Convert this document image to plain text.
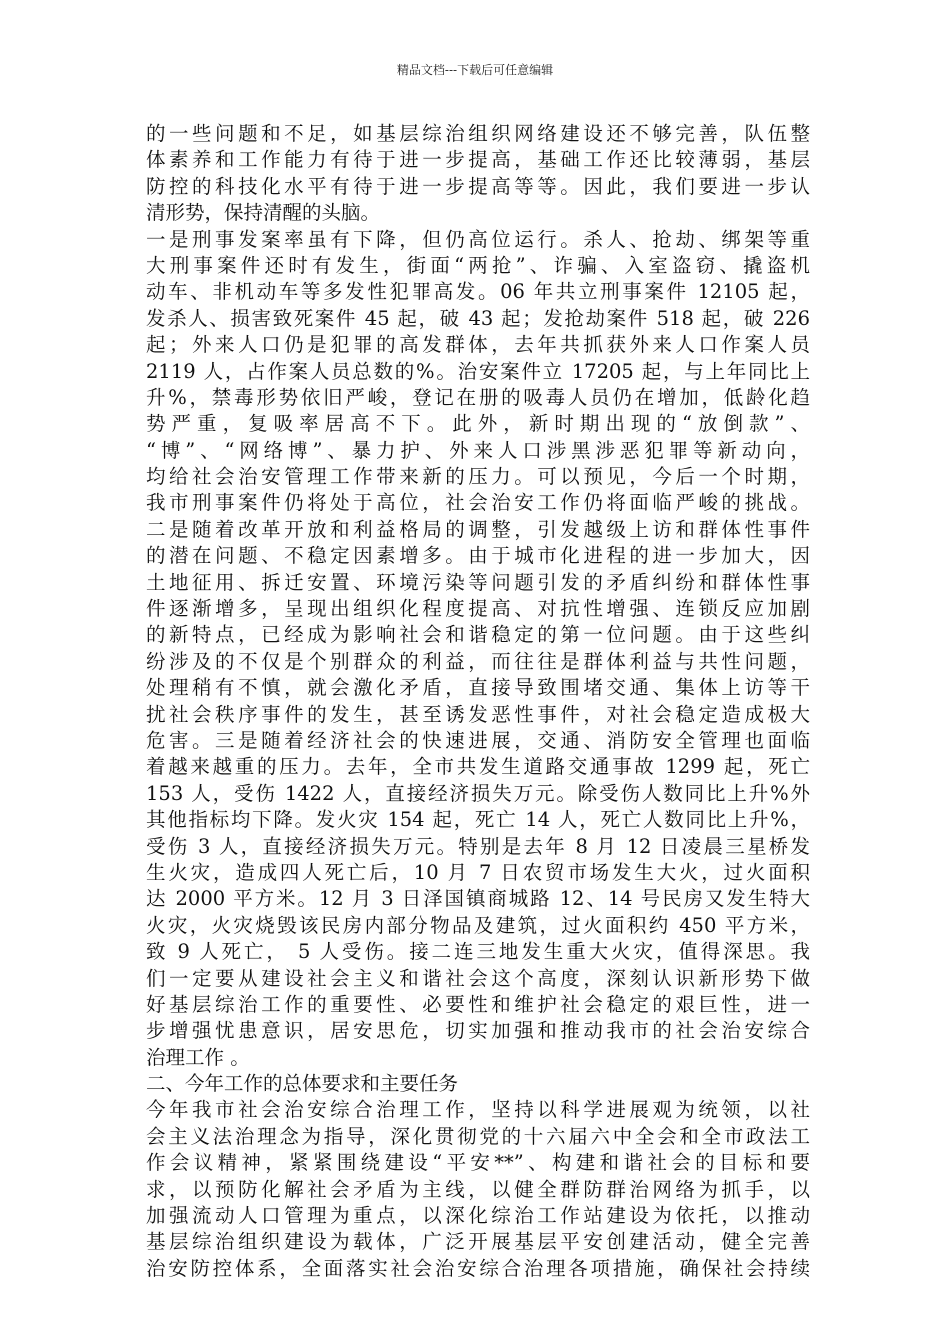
精品文档---下载后可任意编辑
的一些问题和不足，如基层综治组织网络建设还不够完善，队伍整
体素养和工作能力有待于进一步提高，基础工作还比较薄弱，基层
防控的科技化水平有待于进一步提高等等。因此，我们要进一步认
清形势，保持清醒的头脑。
一是刑事发案率虽有下降，但仍高位运行。杀人、抢劫、绑架等重
大刑事案件还时有发生，街面“两抢”、诈骗、入室盗窃、撬盗机
动车、非机动车等多发性犯罪高发。06 年共立刑事案件 12105 起，
发杀人、损害致死案件 45 起，破 43 起；发抢劫案件 518 起，破 226
起；外来人口仍是犯罪的高发群体，去年共抓获外来人口作案人员
2119 人，占作案人员总数的%。治安案件立 17205 起，与上年同比上
升%，禁毒形势依旧严峻，登记在册的吸毒人员仍在增加，低龄化趋
势严重，复吸率居高不下。此外，新时期出现的“放倒款”、
“博”、“网络博”、暴力护、外来人口涉黑涉恶犯罪等新动向，
均给社会治安管理工作带来新的压力。可以预见，今后一个时期，
我市刑事案件仍将处于高位，社会治安工作仍将面临严峻的挑战。
二是随着改革开放和利益格局的调整，引发越级上访和群体性事件
的潜在问题、不稳定因素增多。由于城市化进程的进一步加大，因
土地征用、拆迁安置、环境污染等问题引发的矛盾纠纷和群体性事
件逐渐增多，呈现出组织化程度提高、对抗性增强、连锁反应加剧
的新特点，已经成为影响社会和谐稳定的第一位问题。由于这些纠
纷涉及的不仅是个别群众的利益，而往往是群体利益与共性问题，
处理稍有不慎，就会激化矛盾，直接导致围堵交通、集体上访等干
扰社会秩序事件的发生，甚至诱发恶性事件，对社会稳定造成极大
危害。三是随着经济社会的快速进展，交通、消防安全管理也面临
着越来越重的压力。去年，全市共发生道路交通事故 1299 起，死亡
153 人，受伤 1422 人，直接经济损失万元。除受伤人数同比上升%外
其他指标均下降。发火灾 154 起，死亡 14 人，死亡人数同比上升%，
受伤 3 人，直接经济损失万元。特别是去年 8 月 12 日凌晨三星桥发
生火灾，造成四人死亡后，10 月 7 日农贸市场发生大火，过火面积
达 2000 平方米。12 月 3 日泽国镇商城路 12、14 号民房又发生特大
火灾，火灾烧毁该民房内部分物品及建筑，过火面积约 450 平方米，
致 9 人死亡， 5 人受伤。接二连三地发生重大火灾，值得深思。我
们一定要从建设社会主义和谐社会这个高度，深刻认识新形势下做
好基层综治工作的重要性、必要性和维护社会稳定的艰巨性，进一
步增强忧患意识，居安思危，切实加强和推动我市的社会治安综合
治理工作 。
二、今年工作的总体要求和主要任务
今年我市社会治安综合治理工作，坚持以科学进展观为统领，以社
会主义法治理念为指导，深化贯彻党的十六届六中全会和全市政法工
作会议精神，紧紧围绕建设“平安**”、构建和谐社会的目标和要
求，以预防化解社会矛盾为主线，以健全群防群治网络为抓手，以
加强流动人口管理为重点，以深化综治工作站建设为依托，以推动
基层综治组织建设为载体，广泛开展基层平安创建活动，健全完善
治安防控体系，全面落实社会治安综合治理各项措施，确保社会持续
